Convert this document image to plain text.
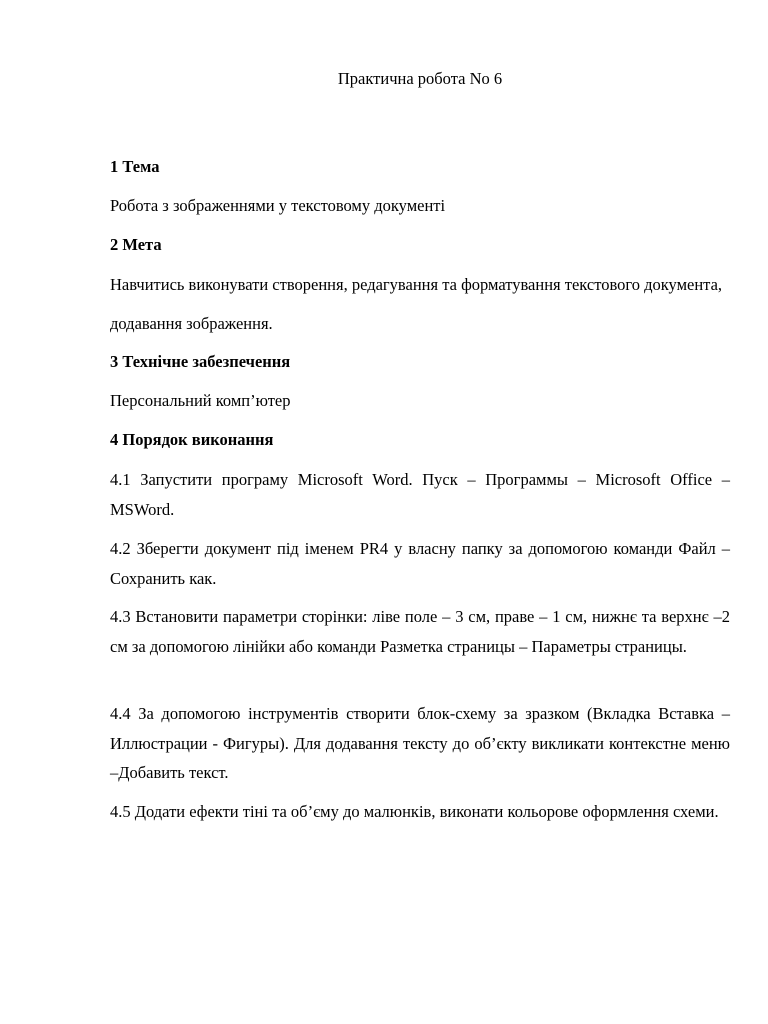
Практична робота No 6

1 Тема

Робота з зображеннями у текстовому документі

2 Мета

Навчитись виконувати створення, редагування та форматування текстового документа, додавання зображення.

3 Технічне забезпечення

Персональний комп’ютер

4 Порядок виконання

4.1 Запустити програму Microsoft Word. Пуск – Программы – Microsoft Office – MSWord.

4.2 Зберегти документ під іменем PR4 у власну папку за допомогою команди Файл –Сохранить как.

4.3 Встановити параметри сторінки: ліве поле – 3 см, праве – 1 см, нижнє та верхнє –2 см за допомогою лінійки або команди Разметка страницы – Параметры страницы.

4.4 За допомогою інструментів створити блок-схему за зразком (Вкладка Вставка –Иллюстрации - Фигуры). Для додавання тексту до об’єкту викликати контекстне меню –Добавить текст.

4.5 Додати ефекти тіні та об’єму до малюнків, виконати кольорове оформлення схеми.
